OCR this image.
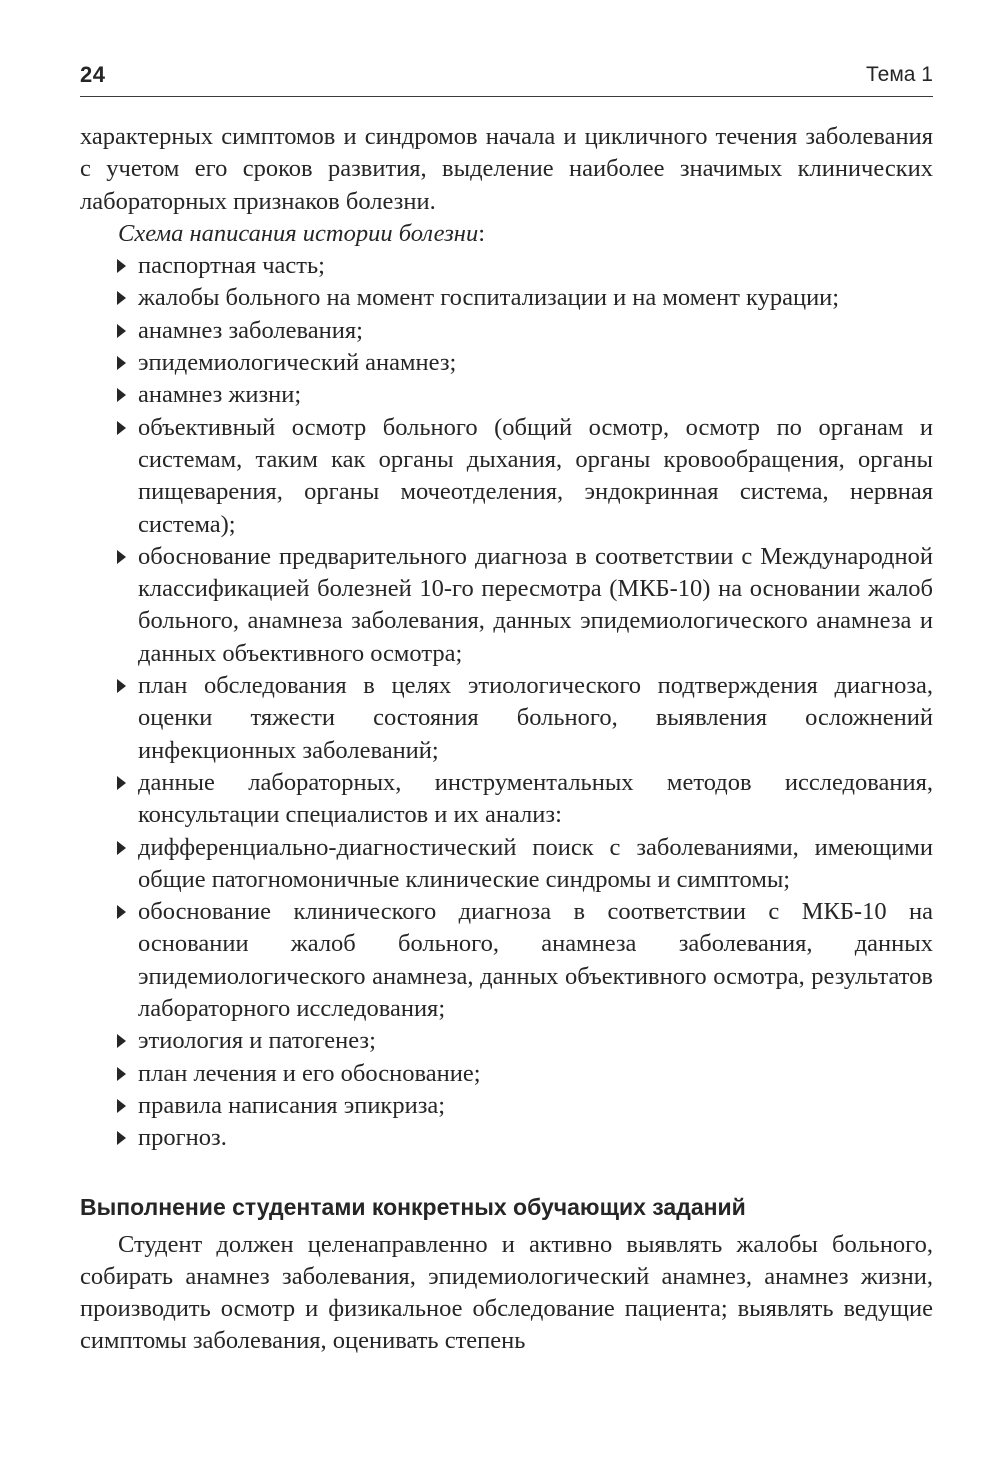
24	Тема 1

характерных симптомов и синдромов начала и цикличного течения заболевания с учетом его сроков развития, выделение наиболее значимых клинических лабораторных признаков болезни.

Схема написания истории болезни:

паспортная часть;
жалобы больного на момент госпитализации и на момент курации;
анамнез заболевания;
эпидемиологический анамнез;
анамнез жизни;
объективный осмотр больного (общий осмотр, осмотр по органам и системам, таким как органы дыхания, органы кровообращения, органы пищеварения, органы мочеотделения, эндокринная система, нервная система);
обоснование предварительного диагноза в соответствии с Международной классификацией болезней 10-го пересмотра (МКБ-10) на основании жалоб больного, анамнеза заболевания, данных эпидемиологического анамнеза и данных объективного осмотра;
план обследования в целях этиологического подтверждения диагноза, оценки тяжести состояния больного, выявления осложнений инфекционных заболеваний;
данные лабораторных, инструментальных методов исследования, консультации специалистов и их анализ:
дифференциально-диагностический поиск с заболеваниями, имеющими общие патогномоничные клинические синдромы и симптомы;
обоснование клинического диагноза в соответствии с МКБ-10 на основании жалоб больного, анамнеза заболевания, данных эпидемиологического анамнеза, данных объективного осмотра, результатов лабораторного исследования;
этиология и патогенез;
план лечения и его обоснование;
правила написания эпикриза;
прогноз.
Выполнение студентами конкретных обучающих заданий

Студент должен целенаправленно и активно выявлять жалобы больного, собирать анамнез заболевания, эпидемиологический анамнез, анамнез жизни, производить осмотр и физикальное обследование пациента; выявлять ведущие симптомы заболевания, оценивать степень
